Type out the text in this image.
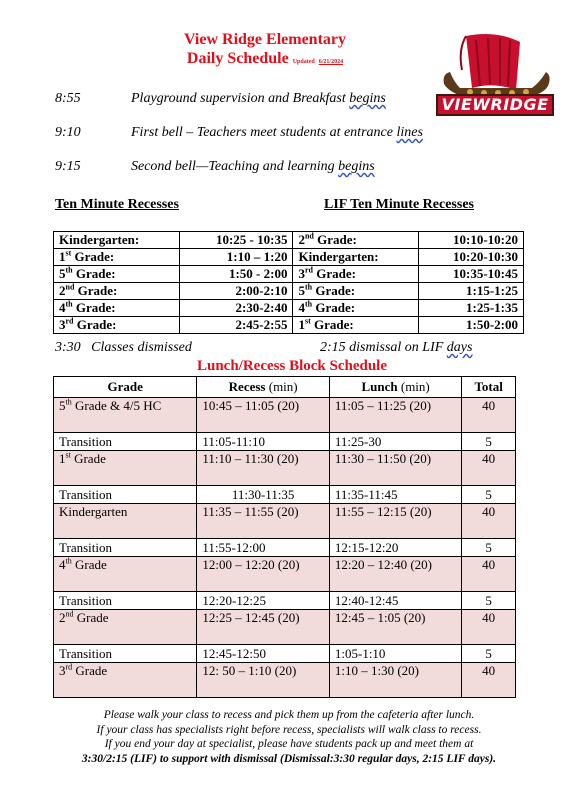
View Ridge Elementary
Daily Schedule Updated 6/21/2024
VIEWRIDGE
8:55	Playground supervision and Breakfast begins
9:10	First bell – Teachers meet students at entrance lines
9:15	Second bell—Teaching and learning begins
Ten Minute Recesses	LIF Ten Minute Recesses
Kindergarten:	10:25 - 10:35	2nd Grade:	10:10-10:20
1st Grade:	1:10 – 1:20	Kindergarten:	10:20-10:30
5th Grade:	1:50 - 2:00	3rd Grade:	10:35-10:45
2nd Grade:	2:00-2:10	5th Grade:	1:15-1:25
4th Grade:	2:30-2:40	4th Grade:	1:25-1:35
3rd Grade:	2:45-2:55	1st Grade:	1:50-2:00
3:30   Classes dismissed	2:15 dismissal on LIF days
Lunch/Recess Block Schedule
Grade	Recess (min)	Lunch (min)	Total
5th Grade & 4/5 HC	10:45 – 11:05 (20)	11:05 – 11:25 (20)	40
Transition	11:05-11:10	11:25-30	5
1st Grade	11:10 – 11:30 (20)	11:30 – 11:50 (20)	40
Transition	11:30-11:35	11:35-11:45	5
Kindergarten	11:35 – 11:55 (20)	11:55 – 12:15 (20)	40
Transition	11:55-12:00	12:15-12:20	5
4th Grade	12:00 – 12:20 (20)	12:20 – 12:40 (20)	40
Transition	12:20-12:25	12:40-12:45	5
2nd Grade	12:25 – 12:45 (20)	12:45 – 1:05 (20)	40
Transition	12:45-12:50	1:05-1:10	5
3rd Grade	12: 50 – 1:10 (20)	1:10 – 1:30 (20)	40
Please walk your class to recess and pick them up from the cafeteria after lunch.
If your class has specialists right before recess, specialists will walk class to recess.
If you end your day at specialist, please have students pack up and meet them at
3:30/2:15 (LIF) to support with dismissal (Dismissal:3:30 regular days, 2:15 LIF days).
